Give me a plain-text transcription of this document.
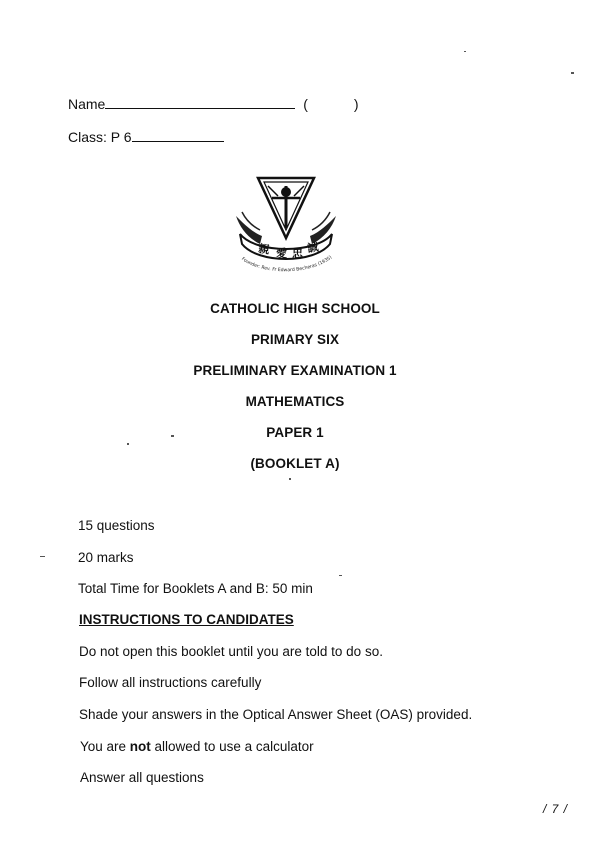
Name	(	)
Class: P 6
親 愛 忠 誠
Founder: Rev. Fr Edward Becheras (1935)
CATHOLIC HIGH SCHOOL
PRIMARY SIX
PRELIMINARY EXAMINATION 1
MATHEMATICS
PAPER 1
(BOOKLET A)
15 questions
20 marks
Total Time for Booklets A and B: 50 min
INSTRUCTIONS TO CANDIDATES
Do not open this booklet until you are told to do so.
Follow all instructions carefully
Shade your answers in the Optical Answer Sheet (OAS) provided.
You are not allowed to use a calculator
Answer all questions
/ 7 /
